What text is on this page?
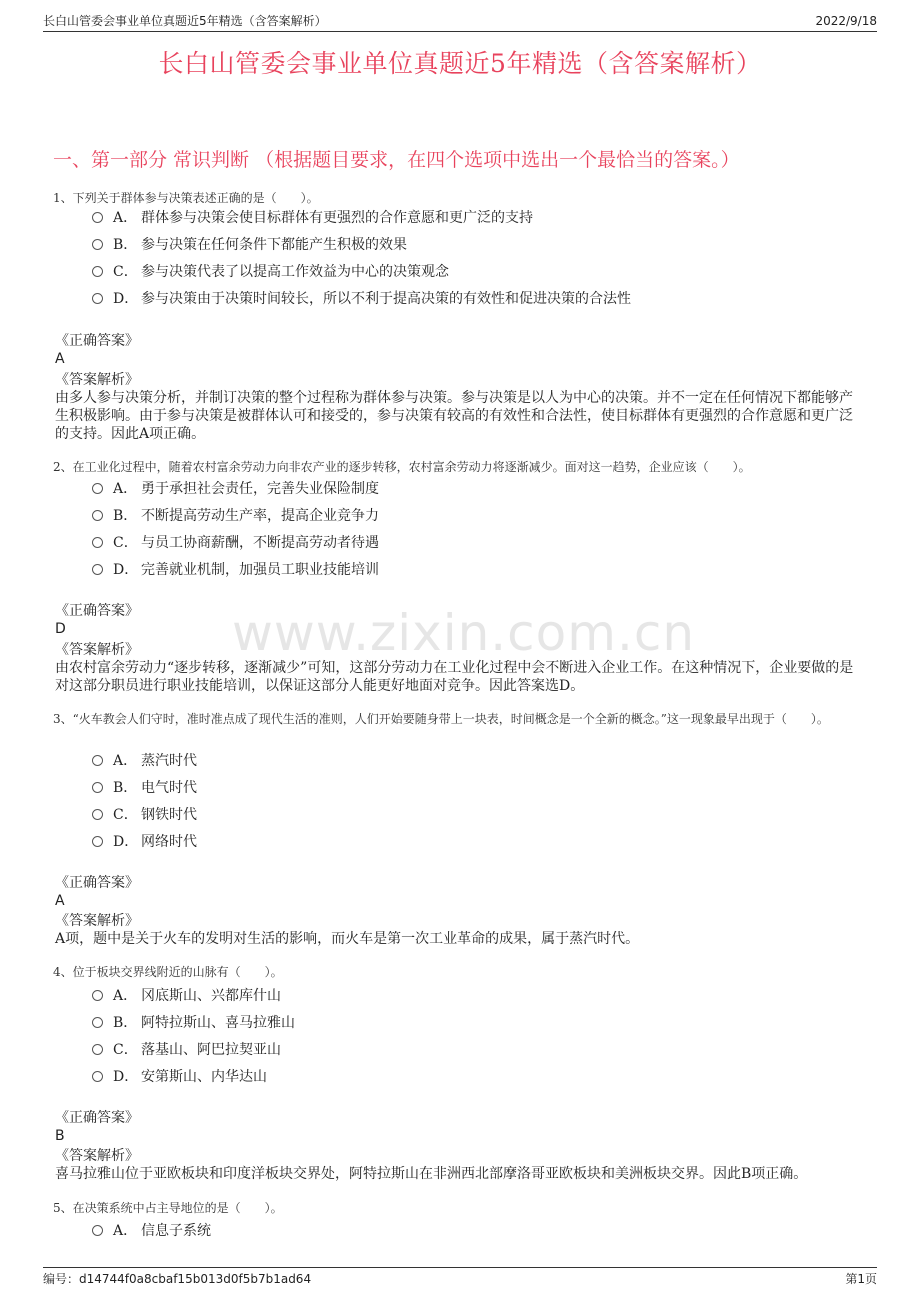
长白山管委会事业单位真题近5年精选（含答案解析）	2022/9/18
长白山管委会事业单位真题近5年精选（含答案解析）
一、第一部分 常识判断 （根据题目要求，在四个选项中选出一个最恰当的答案。）
www.zixin.com.cn
1、下列关于群体参与决策表述正确的是（　　）。
A． 群体参与决策会使目标群体有更强烈的合作意愿和更广泛的支持
B． 参与决策在任何条件下都能产生积极的效果
C． 参与决策代表了以提高工作效益为中心的决策观念
D． 参与决策由于决策时间较长，所以不利于提高决策的有效性和促进决策的合法性
《正确答案》
A
《答案解析》
由多人参与决策分析，并制订决策的整个过程称为群体参与决策。参与决策是以人为中心的决策。并不一定在任何情况下都能够产生积极影响。由于参与决策是被群体认可和接受的，参与决策有较高的有效性和合法性，使目标群体有更强烈的合作意愿和更广泛的支持。因此A项正确。
2、在工业化过程中，随着农村富余劳动力向非农产业的逐步转移，农村富余劳动力将逐渐减少。面对这一趋势，企业应该（　　）。
A． 勇于承担社会责任，完善失业保险制度
B． 不断提高劳动生产率，提高企业竞争力
C． 与员工协商薪酬，不断提高劳动者待遇
D． 完善就业机制，加强员工职业技能培训
《正确答案》
D
《答案解析》
由农村富余劳动力“逐步转移，逐渐减少”可知，这部分劳动力在工业化过程中会不断进入企业工作。在这种情况下，企业要做的是对这部分职员进行职业技能培训，以保证这部分人能更好地面对竞争。因此答案选D。
3、“火车教会人们守时，准时准点成了现代生活的准则，人们开始要随身带上一块表，时间概念是一个全新的概念。”这一现象最早出现于（　　）。
A． 蒸汽时代
B． 电气时代
C． 钢铁时代
D． 网络时代
《正确答案》
A
《答案解析》
A项，题中是关于火车的发明对生活的影响，而火车是第一次工业革命的成果，属于蒸汽时代。
4、位于板块交界线附近的山脉有（　　）。
A． 冈底斯山、兴都库什山
B． 阿特拉斯山、喜马拉雅山
C． 落基山、阿巴拉契亚山
D． 安第斯山、内华达山
《正确答案》
B
《答案解析》
喜马拉雅山位于亚欧板块和印度洋板块交界处，阿特拉斯山在非洲西北部摩洛哥亚欧板块和美洲板块交界。因此B项正确。
5、在决策系统中占主导地位的是（　　）。
A． 信息子系统
编号：d14744f0a8cbaf15b013d0f5b7b1ad64	第1页
